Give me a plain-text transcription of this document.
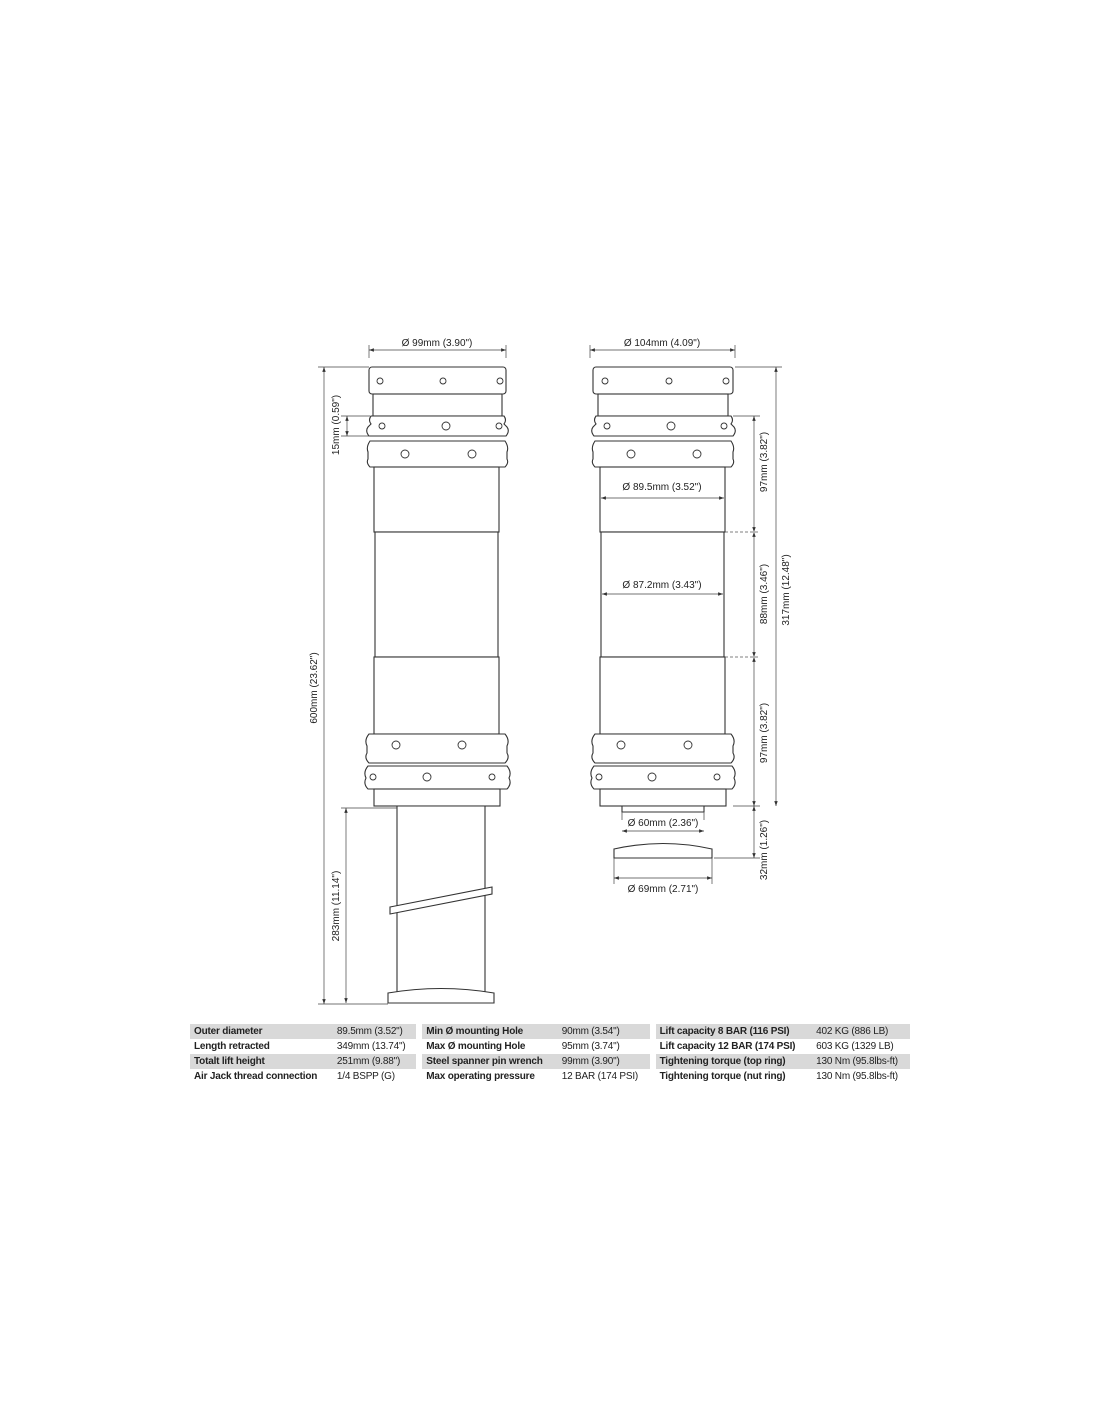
Ø 99mm (3.90")
15mm (0.59")
600mm (23.62")
283mm (11.14")
Ø 104mm (4.09")
Ø 89.5mm (3.52")
Ø 87.2mm (3.43")
97mm (3.82")
88mm (3.46")
97mm (3.82")
317mm (12.48")
Ø 60mm (2.36")	32mm (1.26")
Ø 69mm (2.71")
Outer diameter	89.5mm (3.52")		Min Ø mounting Hole	90mm (3.54")		Lift capacity 8 BAR (116 PSI)	402 KG (886 LB)
Length retracted	349mm (13.74")		Max Ø mounting Hole	95mm (3.74")		Lift capacity 12 BAR (174 PSI)	603 KG (1329 LB)
Totalt lift height	251mm (9.88")		Steel spanner pin wrench	99mm (3.90")		Tightening torque (top ring)	130 Nm (95.8lbs-ft)
Air Jack thread connection	1/4 BSPP (G)		Max operating pressure	12 BAR (174 PSI)		Tightening torque (nut ring)	130 Nm (95.8lbs-ft)
